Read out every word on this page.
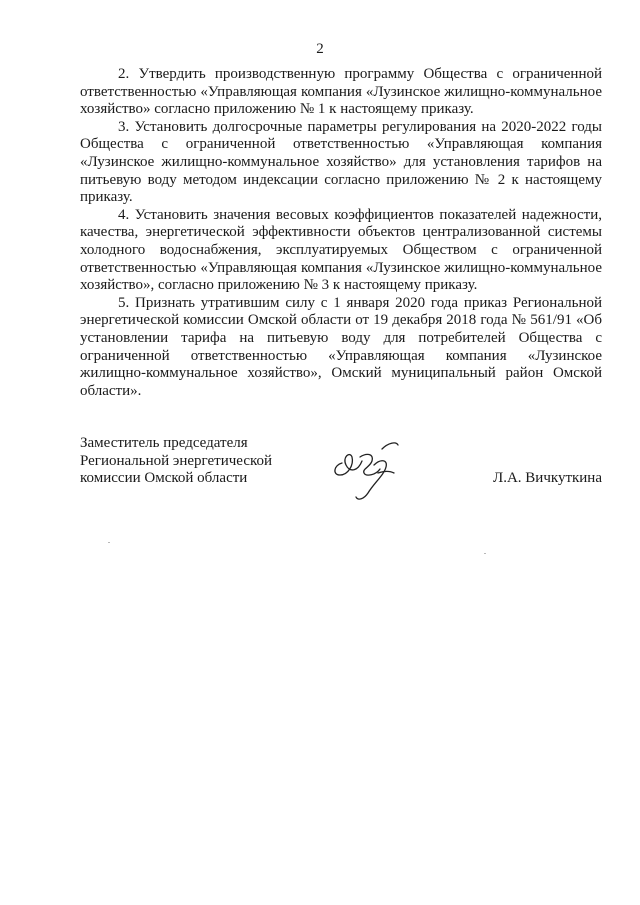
2

2. Утвердить производственную программу Общества с ограниченной ответственностью «Управляющая компания «Лузинское жилищно-коммунальное хозяйство» согласно приложению № 1 к настоящему приказу.

3. Установить долгосрочные параметры регулирования на 2020-2022 годы Общества с ограниченной ответственностью «Управляющая компания «Лузинское жилищно-коммунальное хозяйство» для установления тарифов на питьевую воду методом индексации согласно приложению № 2 к настоящему приказу.

4. Установить значения весовых коэффициентов показателей надежности, качества, энергетической эффективности объектов централизованной системы холодного водоснабжения, эксплуатируемых Обществом с ограниченной ответственностью «Управляющая компания «Лузинское жилищно-коммунальное хозяйство», согласно приложению № 3 к настоящему приказу.

5. Признать утратившим силу с 1 января 2020 года приказ Региональной энергетической комиссии Омской области от 19 декабря 2018 года № 561/91 «Об установлении тарифа на питьевую воду для потребителей Общества с ограниченной ответственностью «Управляющая компания «Лузинское жилищно-коммунальное хозяйство», Омский муниципальный район Омской области».

Заместитель председателя
Региональной энергетической
комиссии Омской области	Л.А. Вичкуткина
